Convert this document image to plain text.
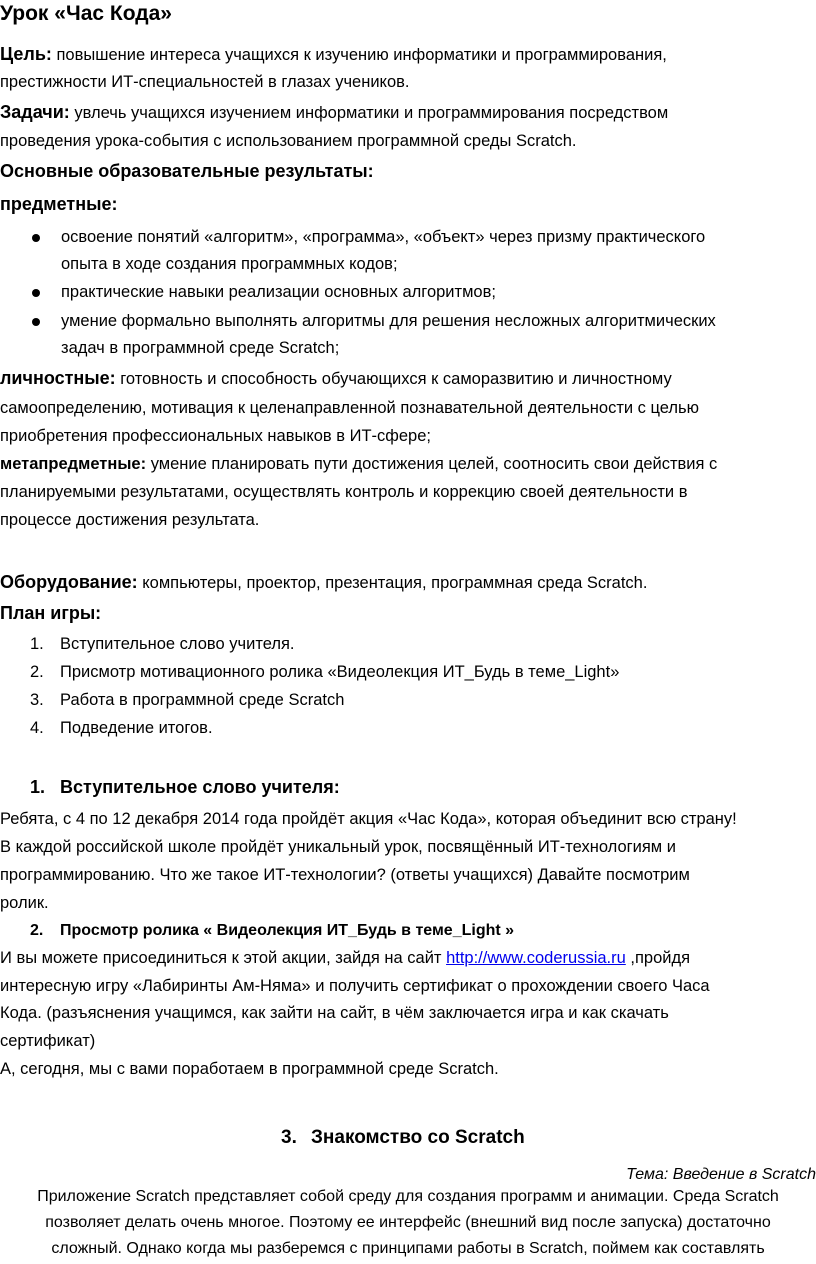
Урок «Час Кода»
Цель: повышение интереса учащихся к изучению информатики и программирования,
престижности ИТ-специальностей в глазах учеников.
Задачи: увлечь учащихся изучением информатики и программирования посредством
проведения урока-события с использованием программной среды Scratch.
Основные образовательные результаты:
предметные:
освоение понятий «алгоритм», «программа», «объект» через призму практического
опыта в ходе создания программных кодов;
практические навыки реализации основных алгоритмов;
умение формально выполнять алгоритмы для решения несложных алгоритмических
задач в программной среде Scratch;
личностные: готовность и способность обучающихся к саморазвитию и личностному
самоопределению, мотивация к целенаправленной познавательной деятельности с целью
приобретения профессиональных навыков в ИТ-сфере;
метапредметные: умение планировать пути достижения целей, соотносить свои действия с
планируемыми результатами, осуществлять контроль и коррекцию своей деятельности в
процессе достижения результата.
Оборудование: компьютеры, проектор, презентация, программная среда Scratch.
План игры:
1. Вступительное слово учителя.
2. Присмотр мотивационного ролика «Видеолекция ИТ_Будь в теме_Light»
3. Работа в программной среде Scratch
4. Подведение итогов.
1. Вступительное слово учителя:
Ребята, с 4 по 12 декабря 2014 года пройдёт акция «Час Кода», которая объединит всю страну!
В каждой российской школе пройдёт уникальный урок, посвящённый ИТ-технологиям и
программированию. Что же такое ИТ-технологии? (ответы учащихся) Давайте посмотрим
ролик.
2. Просмотр ролика « Видеолекция ИТ_Будь в теме_Light »
И вы можете присоединиться к этой акции, зайдя на сайт http://www.coderussia.ru ,пройдя
интересную игру «Лабиринты Ам-Няма» и получить сертификат о прохождении своего Часа
Кода. (разъяснения учащимся, как зайти на сайт, в чём заключается игра и как скачать
сертификат)
А, сегодня, мы с вами поработаем в программной среде Scratch.
3. Знакомство со Scratch
Тема: Введение в Scratch
Приложение Scratch представляет собой среду для создания программ и анимации. Среда Scratch
позволяет делать очень многое. Поэтому ее интерфейс (внешний вид после запуска) достаточно
сложный. Однако когда мы разберемся с принципами работы в Scratch, поймем как составлять
